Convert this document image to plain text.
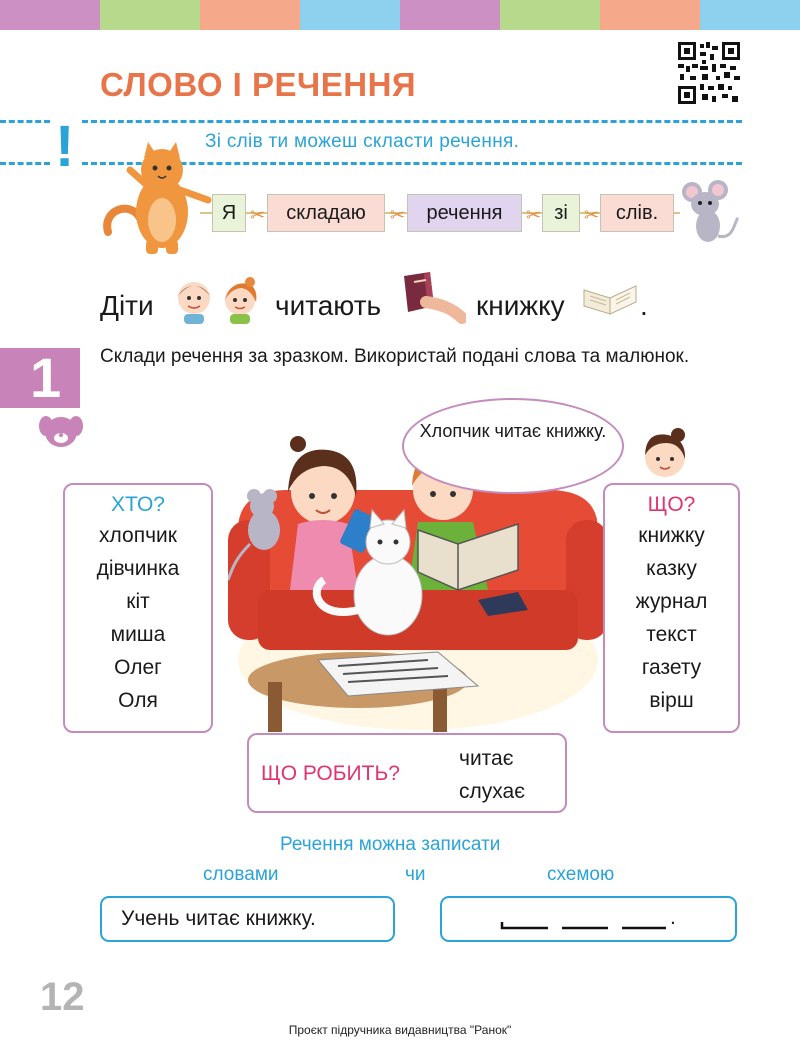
СЛОВО І РЕЧЕННЯ
!	Зі слів ти можеш скласти речення.
Я ✂ складаю ✂ речення ✂ зі ✂ слів.
Діти	читають	книжку	.
1	Склади речення за зразком. Використай подані слова та малюнок.
Хлопчик читає книжку.
ХТО?
хлопчик
дівчинка
кіт
миша
Олег
Оля
ЩО?
книжку
казку
журнал
текст
газету
вірш
ЩО РОБИТЬ?
читає
слухає
Речення можна записати
словами	чи	схемою
Учень читає книжку.	.
12
Проєкт підручника видавництва "Ранок"
